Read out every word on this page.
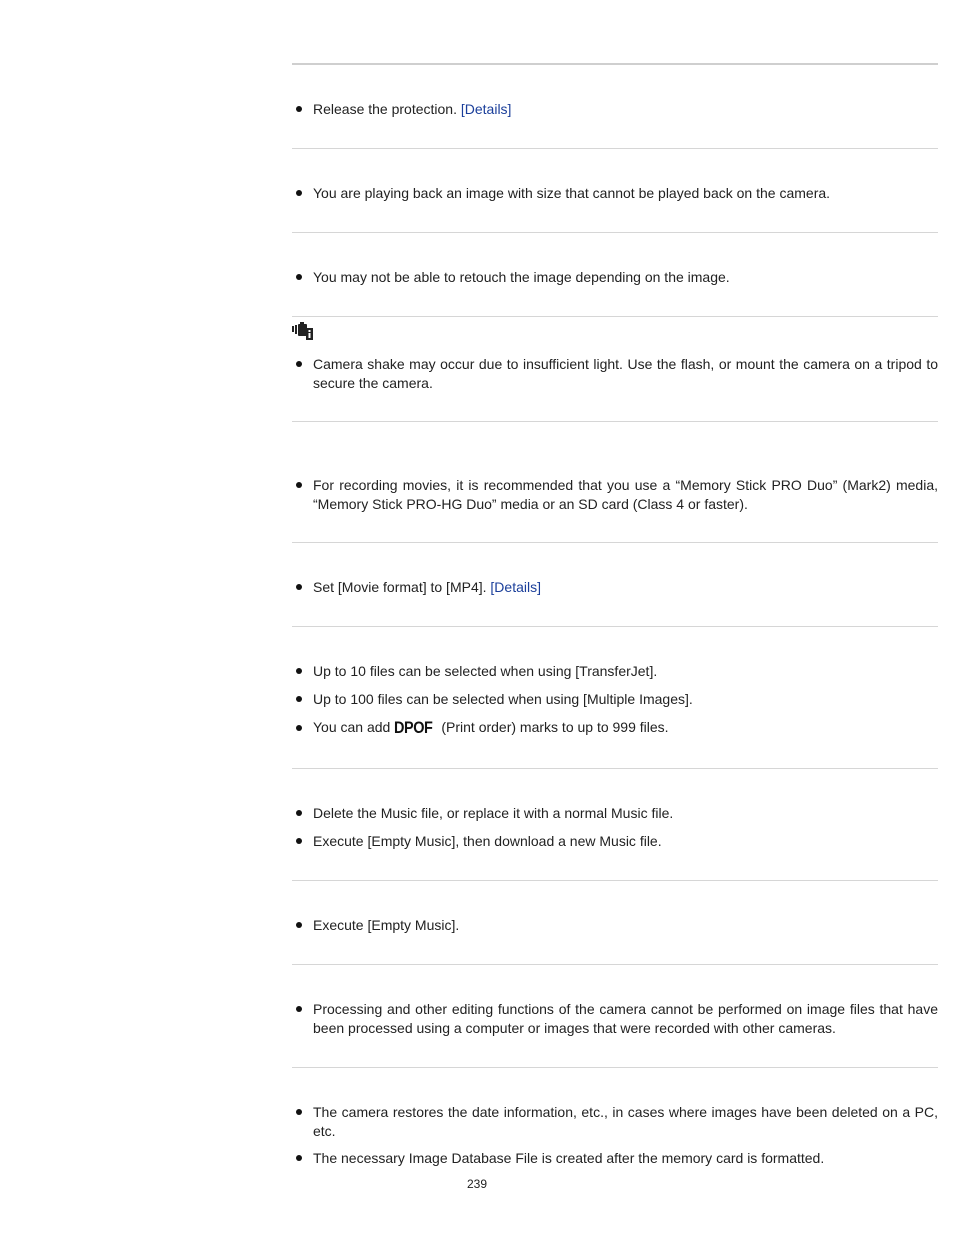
Release the protection. [Details]
You are playing back an image with size that cannot be played back on the camera.
You may not be able to retouch the image depending on the image.
Camera shake may occur due to insufficient light. Use the flash, or mount the camera on a tripod to secure the camera.
For recording movies, it is recommended that you use a “Memory Stick PRO Duo” (Mark2) media, “Memory Stick PRO-HG Duo” media or an SD card (Class 4 or faster).
Set [Movie format] to [MP4]. [Details]
Up to 10 files can be selected when using [TransferJet].
Up to 100 files can be selected when using [Multiple Images].
You can add DPOF (Print order) marks to up to 999 files.
Delete the Music file, or replace it with a normal Music file.
Execute [Empty Music], then download a new Music file.
Execute [Empty Music].
Processing and other editing functions of the camera cannot be performed on image files that have been processed using a computer or images that were recorded with other cameras.
The camera restores the date information, etc., in cases where images have been deleted on a PC, etc.
The necessary Image Database File is created after the memory card is formatted.
239
